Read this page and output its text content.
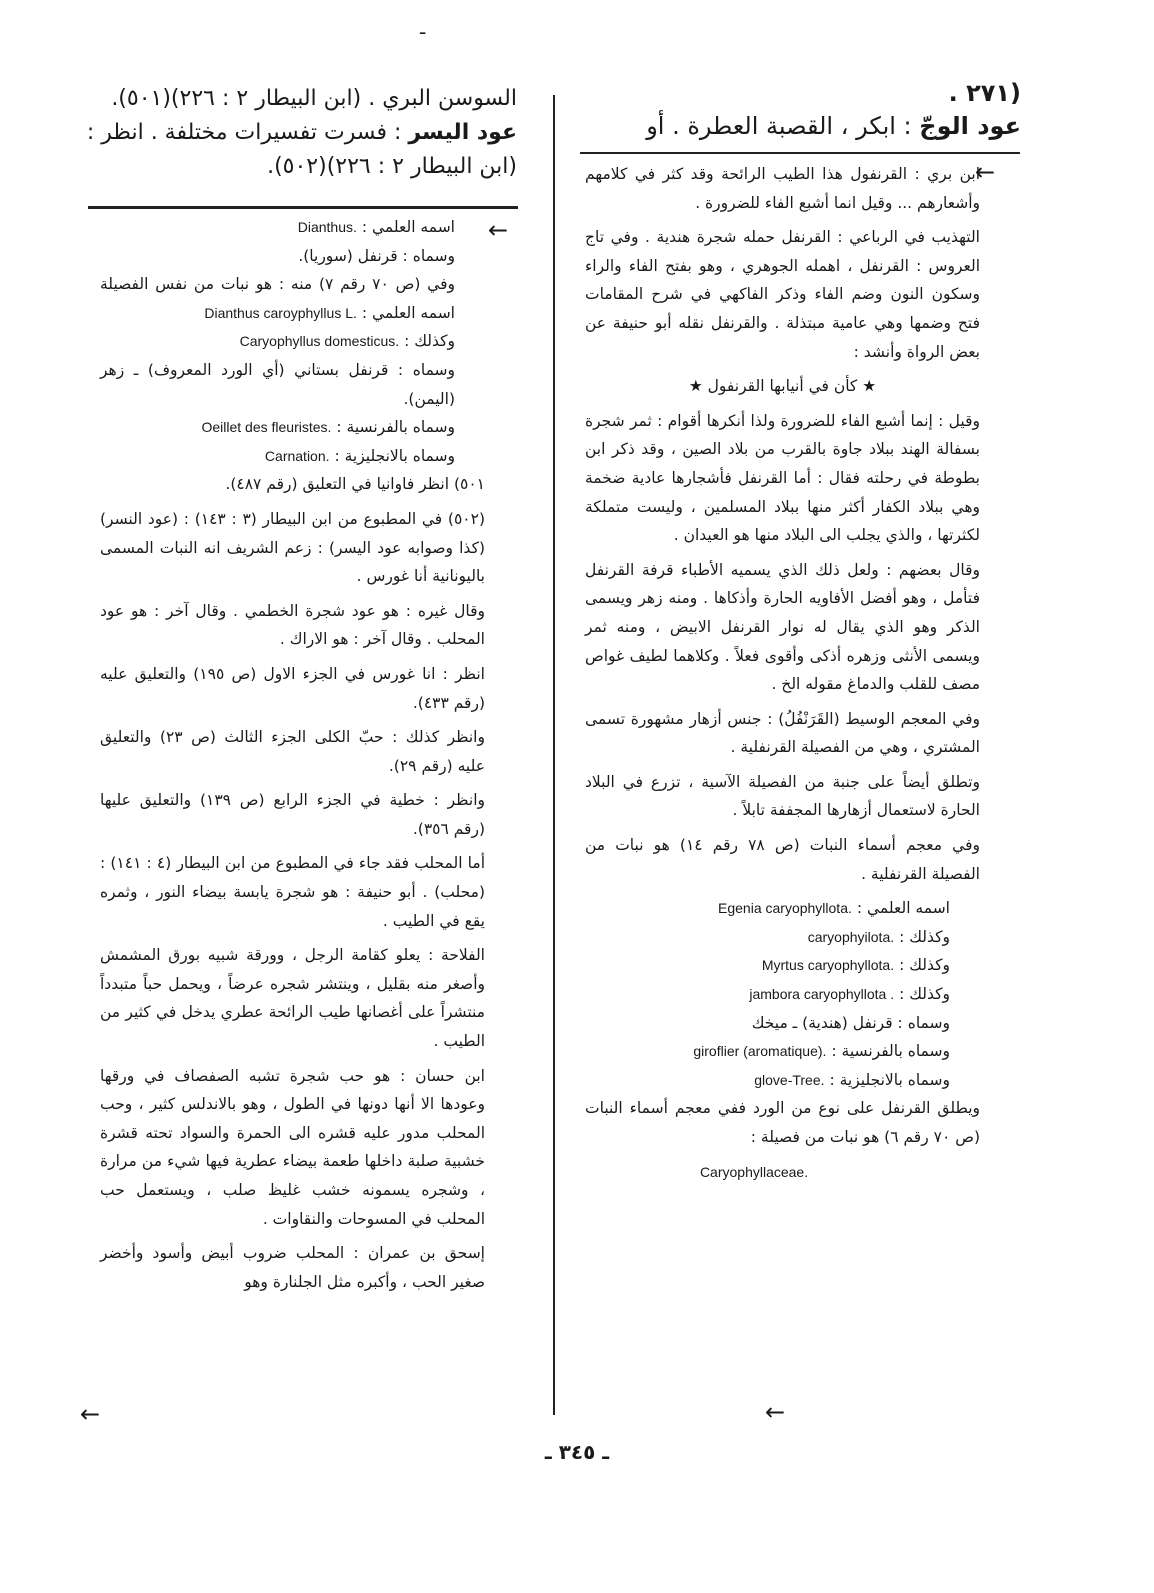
ـ
(٢٧١ .
عود الوجّ : ابكر ، القصبة العطرة . أو
←

ابن بري : القرنفول هذا الطيب الرائحة وقد كثر في كلامهم وأشعارهم ... وقيل انما أشبع الفاء للضرورة .

التهذيب في الرباعي : القرنفل حمله شجرة هندية . وفي تاج العروس : القرنفل ، اهمله الجوهري ، وهو بفتح الفاء والراء وسكون النون وضم الفاء وذكر الفاكهي في شرح المقامات فتح وضمها وهي عامية مبتذلة . والقرنفل نقله أبو حنيفة عن بعض الرواة وأنشد :

★ كأن في أنيابها القرنفول ★

وقيل : إنما أشبع الفاء للضرورة ولذا أنكرها أقوام : ثمر شجرة بسفالة الهند ببلاد جاوة بالقرب من بلاد الصين ، وقد ذكر ابن بطوطة في رحلته فقال : أما القرنفل فأشجارها عادية ضخمة وهي ببلاد الكفار أكثر منها ببلاد المسلمين ، وليست متملكة لكثرتها ، والذي يجلب الى البلاد منها هو العيدان .

وقال بعضهم : ولعل ذلك الذي يسميه الأطباء قرفة القرنفل فتأمل ، وهو أفضل الأفاويه الحارة وأذكاها . ومنه زهر ويسمى الذكر وهو الذي يقال له نوار القرنفل الابيض ، ومنه ثمر ويسمى الأنثى وزهره أذكى وأقوى فعلاً . وكلاهما لطيف غواص مصف للقلب والدماغ مقوله الخ .

وفي المعجم الوسيط (القَرَنْفُلُ) : جنس أزهار مشهورة تسمى المشتري ، وهي من الفصيلة القرنفلية .

وتطلق أيضاً على جنبة من الفصيلة الآسية ، تزرع في البلاد الحارة لاستعمال أزهارها المجففة تابلاً .

وفي معجم أسماء النبات (ص ٧٨ رقم ١٤) هو نبات من الفصيلة القرنفلية .

اسمه العلمي : Egenia caryophyllota.

وكذلك : caryophyilota.

وكذلك : Myrtus caryophyllota.

وكذلك : jambora caryophyllota .

وسماه : قرنفل (هندية) ـ ميخك

وسماه بالفرنسية : giroflier (aromatique).

وسماه بالانجليزية : glove-Tree.

ويطلق القرنفل على نوع من الورد ففي معجم أسماء النبات (ص ٧٠ رقم ٦) هو نبات من فصيلة :

Caryophyllaceae.

←
السوسن البري . (ابن البيطار ٢ : ٢٢٦)(٥٠١).
عود اليسر : فسرت تفسيرات مختلفة . انظر :
(ابن البيطار ٢ : ٢٢٦)(٥٠٢).
←

اسمه العلمي : Dianthus.

وسماه : قرنفل (سوريا).

وفي (ص ٧٠ رقم ٧) منه : هو نبات من نفس الفصيلة اسمه العلمي : Dianthus caroyphyllus L.

وكذلك : Caryophyllus domesticus.

وسماه : قرنفل بستاني (أي الورد المعروف) ـ زهر (اليمن).

وسماه بالفرنسية : Oeillet des fleuristes.

وسماه بالانجليزية : Carnation.

٥٠١) انظر فاوانيا في التعليق (رقم ٤٨٧).

(٥٠٢) في المطبوع من ابن البيطار (٣ : ١٤٣) : (عود النسر) (كذا وصوابه عود اليسر) : زعم الشريف انه النبات المسمى باليونانية أنا غورس .

وقال غيره : هو عود شجرة الخطمي . وقال آخر : هو عود المحلب . وقال آخر : هو الاراك .

انظر : انا غورس في الجزء الاول (ص ١٩٥) والتعليق عليه (رقم ٤٣٣).

وانظر كذلك : حبّ الكلى الجزء الثالث (ص ٢٣) والتعليق عليه (رقم ٢٩).

وانظر : خطية في الجزء الرابع (ص ١٣٩) والتعليق عليها (رقم ٣٥٦).

أما المحلب فقد جاء في المطبوع من ابن البيطار (٤ : ١٤١) : (محلب) . أبو حنيفة : هو شجرة يابسة بيضاء النور ، وثمره يقع في الطيب .

الفلاحة : يعلو كقامة الرجل ، وورقة شبيه بورق المشمش وأصغر منه بقليل ، وينتشر شجره عرضاً ، ويحمل حباً متبدداً منتشراً على أغصانها طيب الرائحة عطري يدخل في كثير من الطيب .

ابن حسان : هو حب شجرة تشبه الصفصاف في ورقها وعودها الا أنها دونها في الطول ، وهو بالاندلس كثير ، وحب المحلب مدور عليه قشره الى الحمرة والسواد تحته قشرة خشبية صلبة داخلها طعمة بيضاء عطرية فيها شيء من مرارة ، وشجره يسمونه خشب غليظ صلب ، ويستعمل حب المحلب في المسوحات والنقاوات .

إسحق بن عمران : المحلب ضروب أبيض وأسود وأخضر صغير الحب ، وأكبره مثل الجلنارة وهو

←
ـ ٣٤٥ ـ
